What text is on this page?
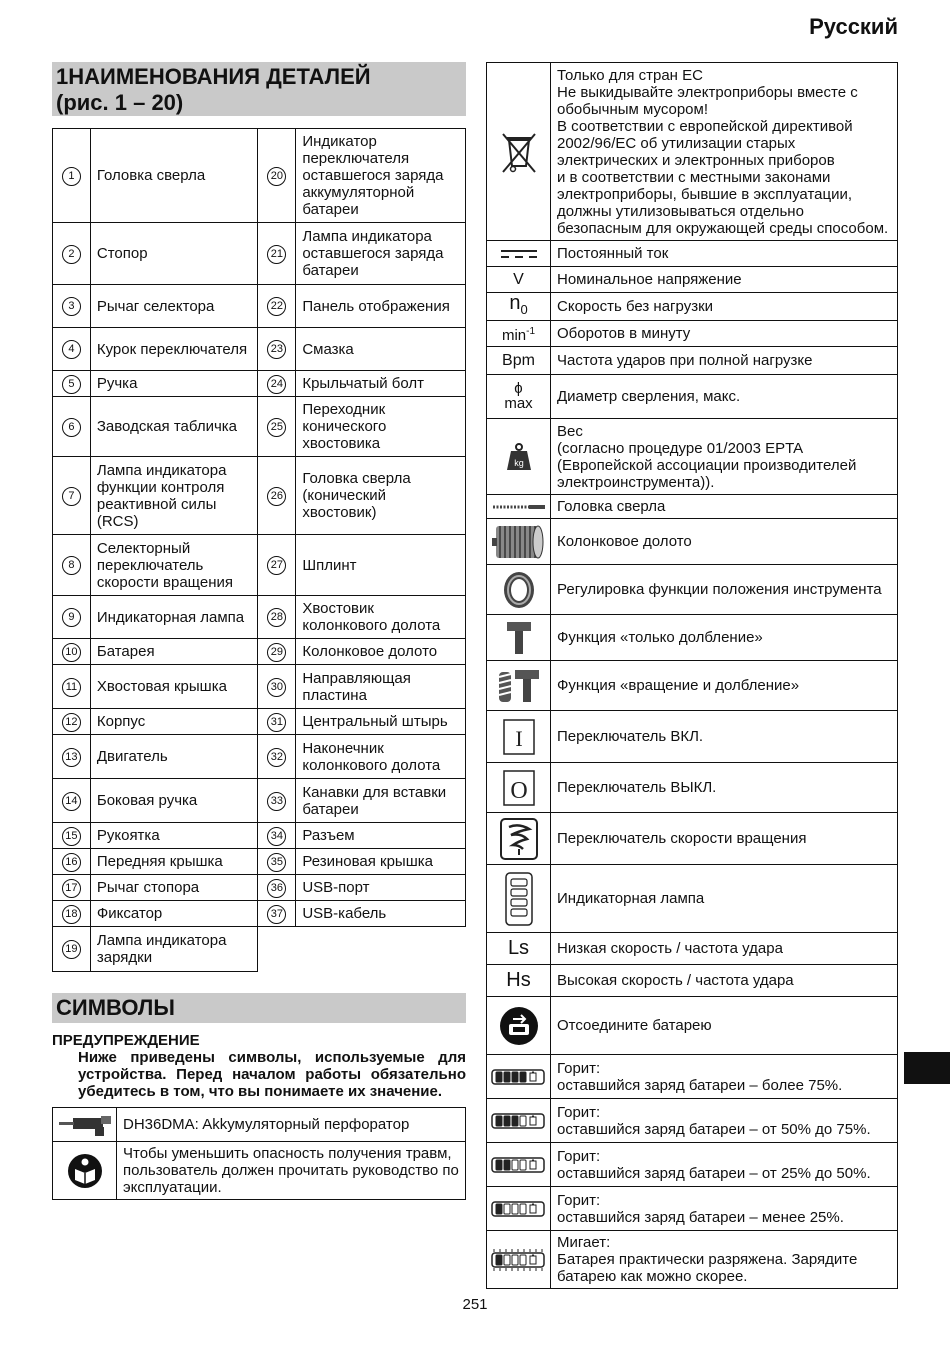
Русский
1НАИМЕНОВАНИЯ ДЕТАЛЕЙ
(рис. 1 – 20)
1	Головка сверла	20	Индикатор переключателя оставшегося заряда аккумуляторной батареи
2	Стопор	21	Лампа индикатора оставшегося заряда батареи
3	Рычаг селектора	22	Панель отображения
4	Курок переключателя	23	Смазка
5	Ручка	24	Крыльчатый болт
6	Заводская табличка	25	Переходник конического хвостовика
7	Лампа индикатора функции контроля реактивной силы (RCS)	26	Головка сверла (конический хвостовик)
8	Селекторный переключатель скорости вращения	27	Шплинт
9	Индикаторная лампа	28	Хвостовик колонкового долота
10	Батарея	29	Колонковое долото
11	Хвостовая крышка	30	Направляющая пластина
12	Корпус	31	Центральный штырь
13	Двигатель	32	Наконечник колонкового долота
14	Боковая ручка	33	Канавки для вставки батареи
15	Рукоятка	34	Разъем
16	Передняя крышка	35	Резиновая крышка
17	Рычаг стопора	36	USB-порт
18	Фиксатор	37	USB-кабель
19	Лампа индикатора зарядки		
СИМВОЛЫ
ПРЕДУПРЕЖДЕНИЕ
Ниже приведены символы, используемые для устройства. Перед началом работы обязательно убедитесь в том, что вы понимаете их значение.
	DH36DMA: Akkумуляторный перфоратор

	Чтобы уменьшить опасность получения травм, пользователь должен прочитать руководство по эксплуатации.
	Только для стран ЕС
Не выкидывайте электроприборы вместе с обобычным мусором!
В соответствии с европейской директивой 2002/96/ЕС об утилизации старых электрических и электронных приборов
и в соответствии с местными законами электроприборы, бывшие в эксплуатации, должны утилизовываться отдельно безопасным для окружающей среды способом.

	Постоянный ток
V	Номинальное напряжение
$n_0$	Скорость без нагрузки
$\min^{-1}$	Оборотов в минуту
Bpm	Частота ударов при полной нагрузке
ϕ
max	Диаметр сверления, макс.

kg	Вес
(согласно процедуре 01/2003 EPTA (Европейской ассоциации производителей электроинструмента)).

	Головка сверла

	Колонковое долото

	Регулировка функции положения инструмента

	Функция «только долбление»

	Функция «вращение и долбление»

I	Переключатель ВКЛ.

O	Переключатель ВЫКЛ.

	Переключатель скорости вращения

	Индикаторная лампа
Ls	Низкая скорость / частота удара
Hs	Высокая скорость / частота удара

	Отсоедините батарею

	Горит:
оставшийся заряд батареи – более 75%.

	Горит:
оставшийся заряд батареи – от 50% до 75%.

	Горит:
оставшийся заряд батареи – от 25% до 50%.

	Горит:
оставшийся заряд батареи – менее 25%.

	Мигает:
Батарея практически разряжена. Зарядите батарею как можно скорее.
251
